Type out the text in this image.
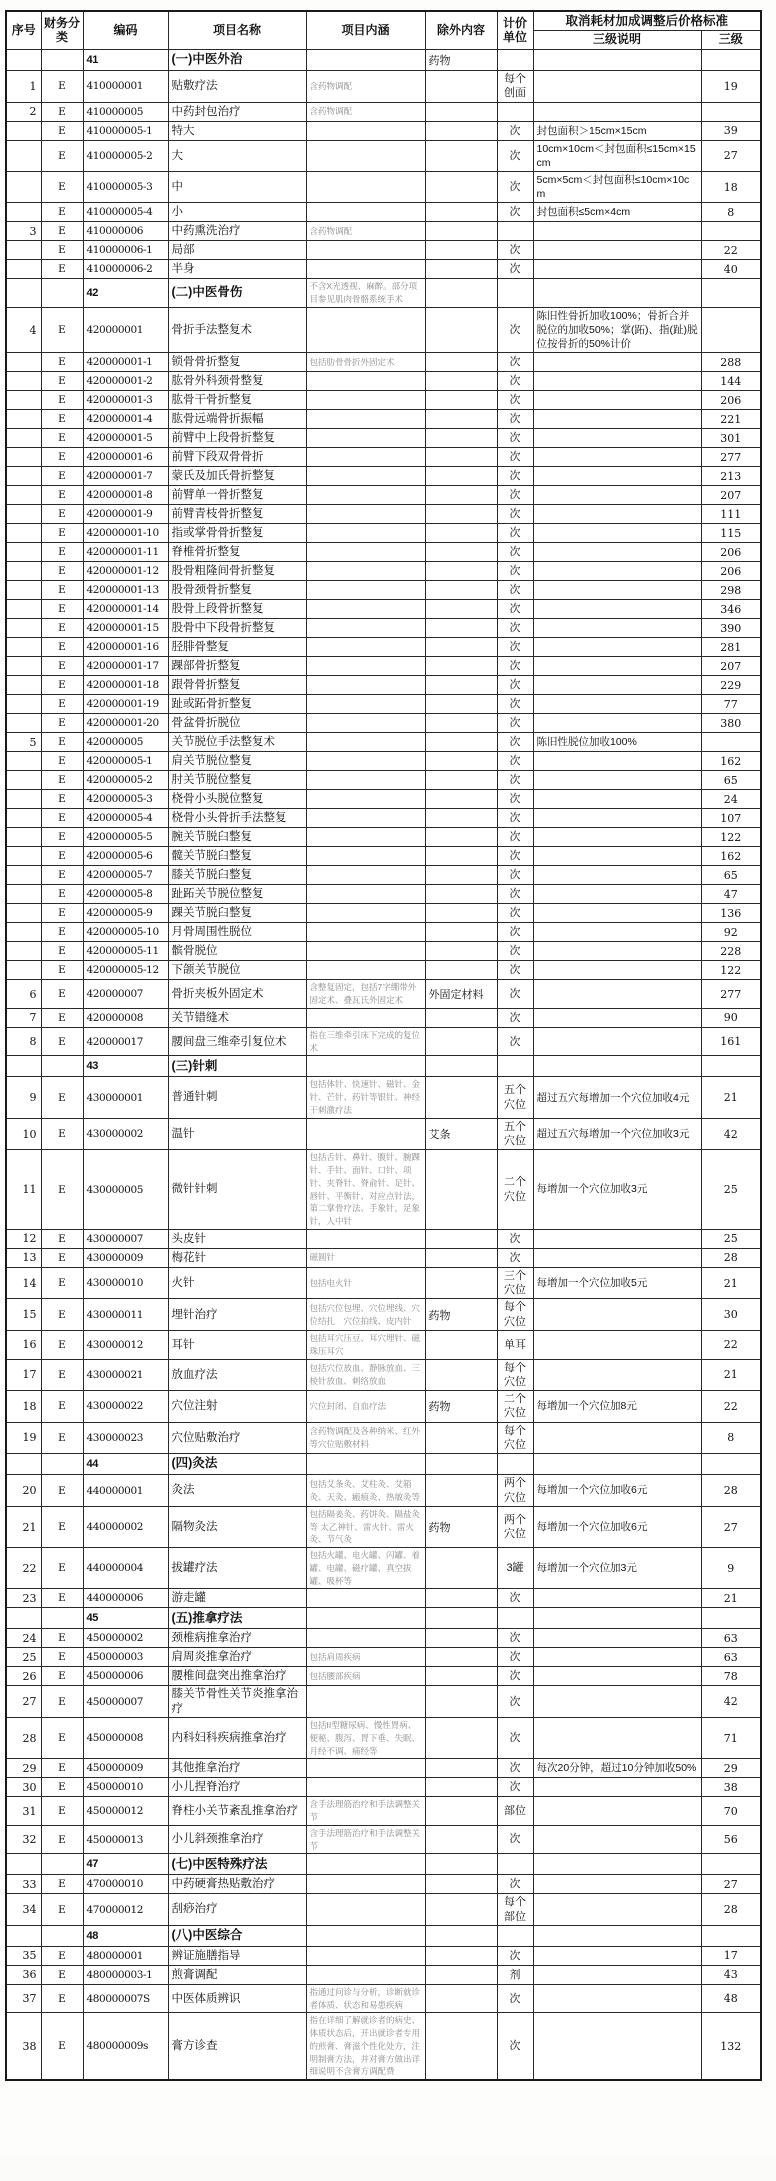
序号	财务分类	编码	项目名称	项目内涵	除外内容	计价单位	取消耗材加成调整后价格标准	
							三级说明	三级
		41	(一)中医外治		药物			
1	E	410000001	贴敷疗法	含药物调配		每个创面		19
2	E	410000005	中药封包治疗	含药物调配				
	E	410000005-1	特大			次	封包面积＞15cm×15cm	39
	E	410000005-2	大			次	10cm×10cm＜封包面积≤15cm×15cm	27
	E	410000005-3	中			次	5cm×5cm＜封包面积≤10cm×10cm	18
	E	410000005-4	小			次	封包面积≤5cm×4cm	8
3	E	410000006	中药熏洗治疗	含药物调配				
	E	410000006-1	局部			次		22
	E	410000006-2	半身			次		40
		42	(二)中医骨伤	不含X光透视、麻醉。部分项目参见肌肉骨骼系统手术				
4	E	420000001	骨折手法整复术			次	陈旧性骨折加收100%；骨折合并脱位的加收50%；掌(跖)、指(趾)脱位按骨折的50%计价	
	E	420000001-1	锁骨骨折整复	包括肋骨骨折外固定术		次		288
	E	420000001-2	肱骨外科颈骨整复			次		144
	E	420000001-3	肱骨干骨折整复			次		206
	E	420000001-4	肱骨远端骨折振幅			次		221
	E	420000001-5	前臂中上段骨折整复			次		301
	E	420000001-6	前臂下段双骨骨折			次		277
	E	420000001-7	蒙氏及加氏骨折整复			次		213
	E	420000001-8	前臂单一骨折整复			次		207
	E	420000001-9	前臂青枝骨折整复			次		111
	E	420000001-10	指或掌骨骨折整复			次		115
	E	420000001-11	脊椎骨折整复			次		206
	E	420000001-12	股骨粗隆间骨折整复			次		206
	E	420000001-13	股骨颈骨折整复			次		298
	E	420000001-14	股骨上段骨折整复			次		346
	E	420000001-15	股骨中下段骨折整复			次		390
	E	420000001-16	胫腓骨整复			次		281
	E	420000001-17	踝部骨折整复			次		207
	E	420000001-18	跟骨骨折整复			次		229
	E	420000001-19	趾或跖骨折整复			次		77
	E	420000001-20	骨盆骨折脱位			次		380
5	E	420000005	关节脱位手法整复术			次	陈旧性脱位加收100%	
	E	420000005-1	肩关节脱位整复			次		162
	E	420000005-2	肘关节脱位整复			次		65
	E	420000005-3	桡骨小头脱位整复			次		24
	E	420000005-4	桡骨小头骨折手法整复			次		107
	E	420000005-5	腕关节脱臼整复			次		122
	E	420000005-6	髋关节脱臼整复			次		162
	E	420000005-7	膝关节脱臼整复			次		65
	E	420000005-8	趾跖关节脱位整复			次		47
	E	420000005-9	踝关节脱臼整复			次		136
	E	420000005-10	月骨周围性脱位			次		92
	E	420000005-11	髌骨脱位			次		228
	E	420000005-12	下颌关节脱位			次		122
6	E	420000007	骨折夹板外固定术	含整复固定，包括7字绷带外固定术、叠瓦氏外固定术	外固定材料	次		277
7	E	420000008	关节错缝术			次		90
8	E	420000017	腰间盘三维牵引复位术	指在三维牵引床下完成的复位术		次		161
		43	(三)针刺					
9	E	430000001	普通针刺	包括体针、快速针、磁针、金针、芒针、药针等银针、神经干刺激疗法		五个穴位	超过五穴每增加一个穴位加收4元	21
10	E	430000002	温针		艾条	五个穴位	超过五穴每增加一个穴位加收3元	42
11	E	430000005	微针针刺	包括舌针、鼻针、腹针、腕踝针、手针、面针、口针、项针、夹脊针、脊俞针、足针、唇针、平衡针、对应点针法，第二掌骨疗法、手象针，足象针，人中针		二个穴位	每增加一个穴位加收3元	25
12	E	430000007	头皮针			次		25
13	E	430000009	梅花针	磁圆针		次		28
14	E	430000010	火针	包括电火针		三个穴位	每增加一个穴位加收5元	21
15	E	430000011	埋针治疗	包括穴位包埋、穴位埋线、穴位结扎　穴位拍线、皮内针	药物	每个穴位		30
16	E	430000012	耳针	包括耳穴压豆、耳穴埋针、磁珠压耳穴		单耳		22
17	E	430000021	放血疗法	包括穴位放血、静脉放血、三棱针放血、刺络放血		每个穴位		21
18	E	430000022	穴位注射	穴位封闭、自血疗法	药物	二个穴位	每增加一个穴位加8元	22
19	E	430000023	穴位贴敷治疗	含药物调配及各种纳米、红外等穴位贴敷材料		每个穴位		8
		44	(四)灸法					
20	E	440000001	灸法	包括艾条灸、艾柱灸、艾箱灸、天灸、瘢痕灸、热敏灸等		两个穴位	每增加一个穴位加收6元	28
21	E	440000002	隔物灸法	包括隔姜灸、药饼灸、隔盐灸等 太乙神针、雷火针、雷火灸、节气灸	药物	两个穴位	每增加一个穴位加收6元	27
22	E	440000004	拔罐疗法	包括火罐、电火罐、闪罐、着罐、电罐、磁疗罐、真空拔罐、吸杯等		3罐	每增加一个穴位加3元	9
23	E	440000006	游走罐			次		21
		45	(五)推拿疗法					
24	E	450000002	颈椎病推拿治疗			次		63
25	E	450000003	肩周炎推拿治疗	包括肩周疾病		次		63
26	E	450000006	腰椎间盘突出推拿治疗	包括腰部疾病		次		78
27	E	450000007	膝关节骨性关节炎推拿治疗			次		42
28	E	450000008	内科妇科疾病推拿治疗	包括II型糖尿病、慢性胃病、便秘、腹泻、胃下垂、失眠、月经不调、痛经等		次		71
29	E	450000009	其他推拿治疗			次	每次20分钟，超过10分钟加收50%	29
30	E	450000010	小儿捏脊治疗			次		38
31	E	450000012	脊柱小关节紊乱推拿治疗	含手法理筋治疗和手法调整关节		部位		70
32	E	450000013	小儿斜颈推拿治疗	含手法理筋治疗和手法调整关节		次		56
		47	(七)中医特殊疗法					
33	E	470000010	中药硬膏热贴敷治疗			次		27
34	E	470000012	刮痧治疗			每个部位		28
		48	(八)中医综合					
35	E	480000001	辨证施膳指导			次		17
36	E	480000003-1	煎膏调配			剂		43
37	E	480000007S	中医体质辨识	指通过问诊与分析，诊断就诊者体质、状态和易患疾病		次		48
38	E	480000009s	膏方诊查	指在详细了解就诊者的病史、体质状态后，开出就诊者专用的煎膏、膏滋个性化处方，注明制膏方法，并对膏方做出详细说明不含膏方调配费		次		132
